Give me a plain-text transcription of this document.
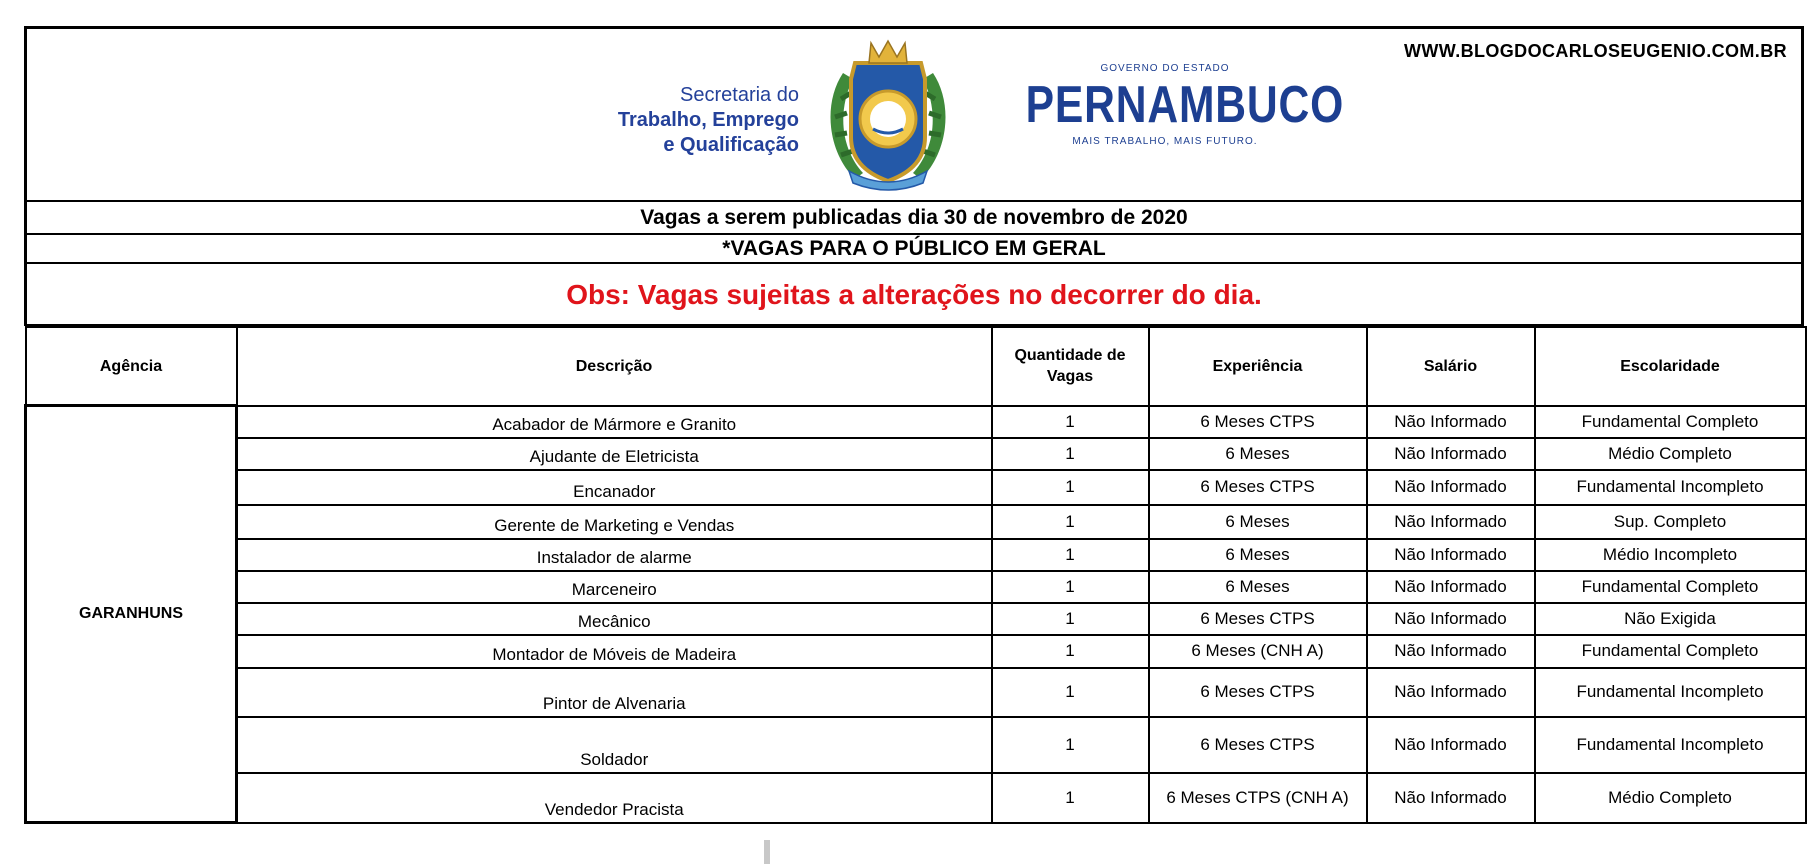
Secretaria do
Trabalho, Emprego
e Qualificação
GOVERNO DO ESTADO
PERNAMBUCO
MAIS TRABALHO, MAIS FUTURO.
WWW.BLOGDOCARLOSEUGENIO.COM.BR
Vagas a serem publicadas dia 30 de novembro de 2020
*VAGAS PARA O PÚBLICO EM GERAL
Obs: Vagas sujeitas a alterações no decorrer do dia.
Agência	Descrição	Quantidade de Vagas	Experiência	Salário	Escolaridade
GARANHUNS	Acabador de Mármore e Granito	1	6 Meses CTPS	Não Informado	Fundamental Completo
	Ajudante de Eletricista	1	6 Meses	Não Informado	Médio Completo
	Encanador	1	6 Meses CTPS	Não Informado	Fundamental Incompleto
	Gerente de Marketing e Vendas	1	6 Meses	Não Informado	Sup. Completo
	Instalador de alarme	1	6 Meses	Não Informado	Médio Incompleto
	Marceneiro	1	6 Meses	Não Informado	Fundamental Completo
	Mecânico	1	6 Meses CTPS	Não Informado	Não Exigida
	Montador de Móveis de Madeira	1	6 Meses (CNH A)	Não Informado	Fundamental Completo
	Pintor de Alvenaria	1	6 Meses CTPS	Não Informado	Fundamental Incompleto
	Soldador	1	6 Meses CTPS	Não Informado	Fundamental Incompleto
	Vendedor Pracista	1	6 Meses CTPS (CNH A)	Não Informado	Médio Completo
